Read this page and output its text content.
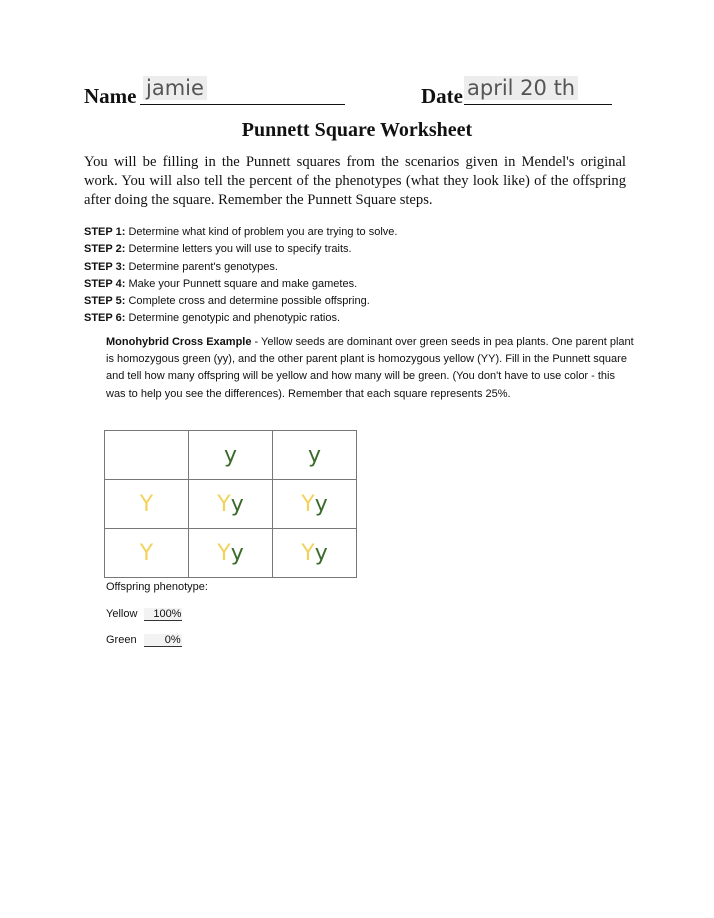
Name jamie	Date april 20 th
Punnett Square Worksheet
You will be filling in the Punnett squares from the scenarios given in Mendel's original work. You will also tell the percent of the phenotypes (what they look like) of the offspring after doing the square. Remember the Punnett Square steps.
STEP 1: Determine what kind of problem you are trying to solve.
STEP 2: Determine letters you will use to specify traits.
STEP 3: Determine parent's genotypes.
STEP 4: Make your Punnett square and make gametes.
STEP 5: Complete cross and determine possible offspring.
STEP 6: Determine genotypic and phenotypic ratios.
Monohybrid Cross Example - Yellow seeds are dominant over green seeds in pea plants. One parent plant is homozygous green (yy), and the other parent plant is homozygous yellow (YY). Fill in the Punnett square and tell how many offspring will be yellow and how many will be green. (You don't have to use color - this was to help you see the differences). Remember that each square represents 25%.
	y	y
Y	Yy	Yy
Y	Yy	Yy
Offspring phenotype:
Yellow 100%
Green	0%
